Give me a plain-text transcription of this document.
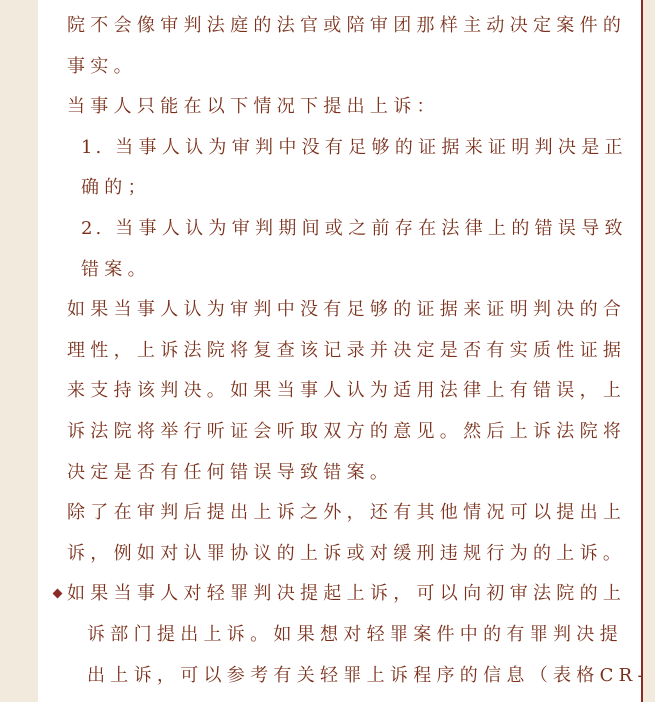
院不会像审判法庭的法官或陪审团那样主动决定案件的

事实。

当事人只能在以下情况下提出上诉：

1. 当事人认为审判中没有足够的证据来证明判决是正

确的；

2. 当事人认为审判期间或之前存在法律上的错误导致

错案。

如果当事人认为审判中没有足够的证据来证明判决的合

理性，上诉法院将复查该记录并决定是否有实质性证据

来支持该判决。如果当事人认为适用法律上有错误，上

诉法院将举行听证会听取双方的意见。然后上诉法院将

决定是否有任何错误导致错案。

除了在审判后提出上诉之外，还有其他情况可以提出上

诉，例如对认罪协议的上诉或对缓刑违规行为的上诉。

如果当事人对轻罪判决提起上诉，可以向初审法院的上

诉部门提出上诉。如果想对轻罪案件中的有罪判决提

出上诉，可以参考有关轻罪上诉程序的信息（表格CR-
